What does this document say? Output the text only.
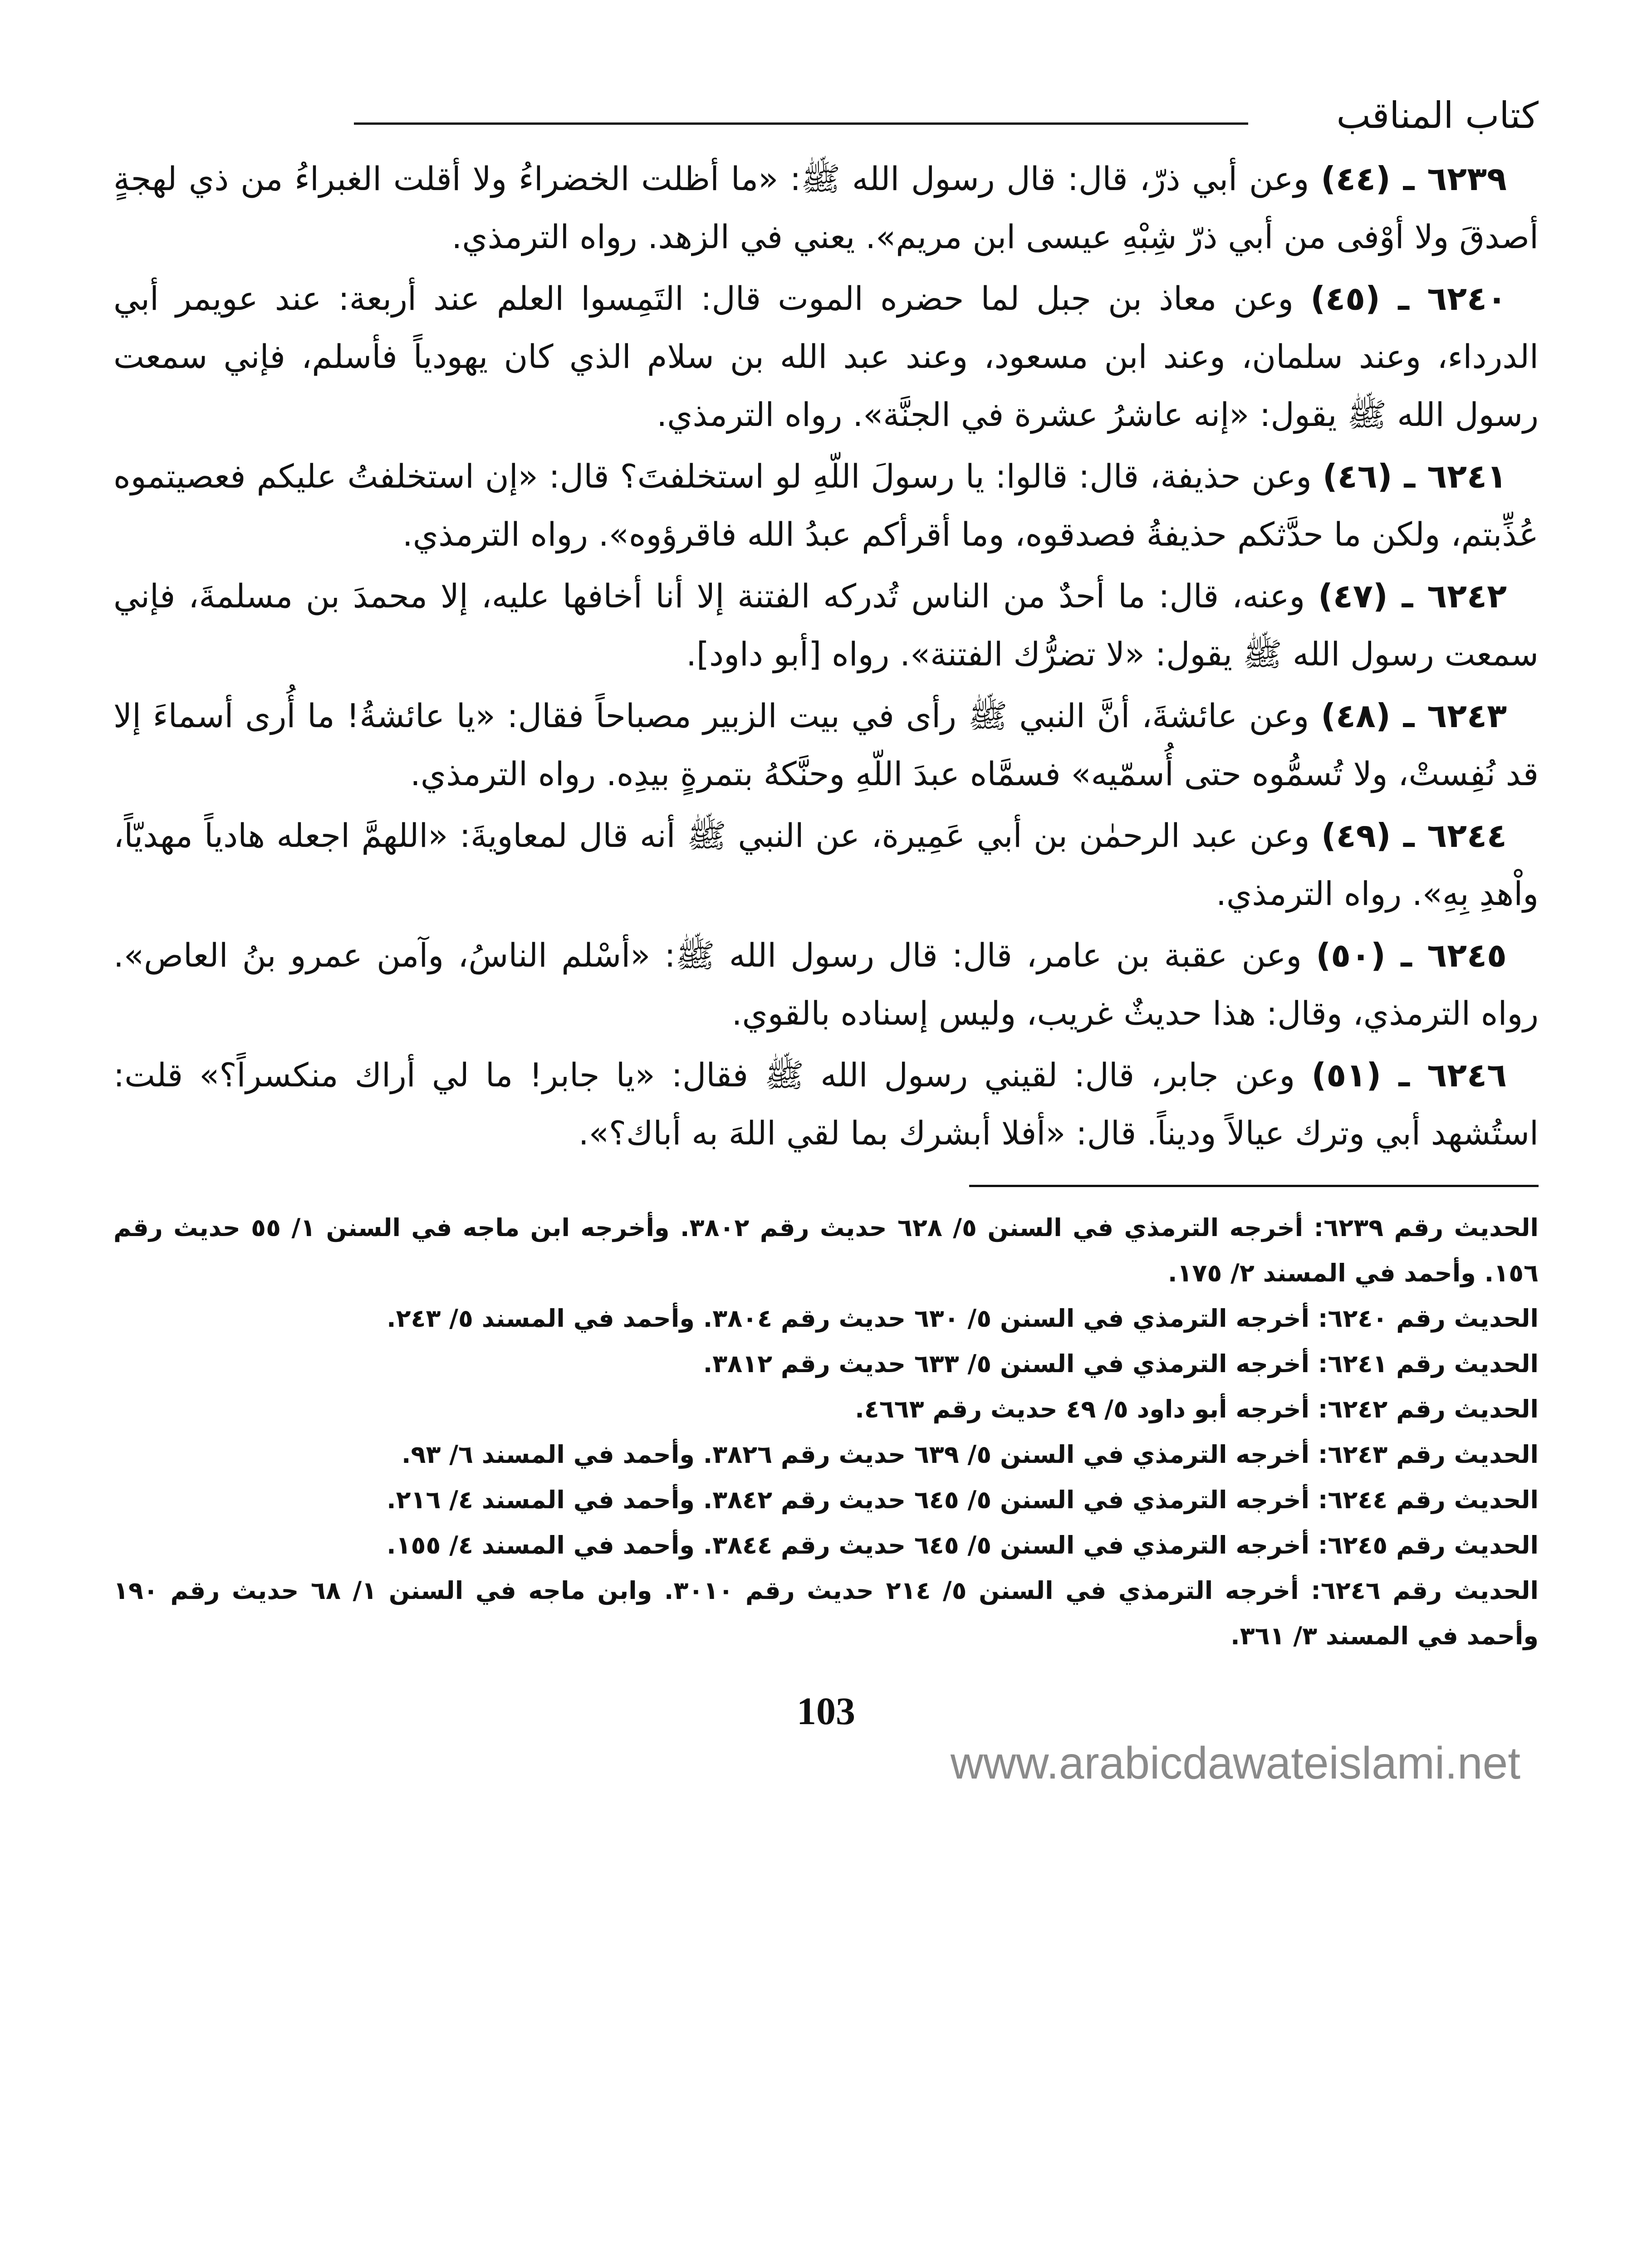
كتاب المناقب

٦٢٣٩ ـ (٤٤) وعن أبي ذرّ، قال: قال رسول الله ﷺ: «ما أظلت الخضراءُ ولا أقلت الغبراءُ من ذي لهجةٍ أصدقَ ولا أوْفى من أبي ذرّ شِبْهِ عيسى ابن مريم». يعني في الزهد. رواه الترمذي.

٦٢٤٠ ـ (٤٥) وعن معاذ بن جبل لما حضره الموت قال: التَمِسوا العلم عند أربعة: عند عويمر أبي الدرداء، وعند سلمان، وعند ابن مسعود، وعند عبد الله بن سلام الذي كان يهودياً فأسلم، فإني سمعت رسول الله ﷺ يقول: «إنه عاشرُ عشرة في الجنَّة». رواه الترمذي.

٦٢٤١ ـ (٤٦) وعن حذيفة، قال: قالوا: يا رسولَ اللّهِ لو استخلفتَ؟ قال: «إن استخلفتُ عليكم فعصيتموه عُذِّبتم، ولكن ما حدَّثكم حذيفةُ فصدقوه، وما أقرأكم عبدُ الله فاقرؤوه». رواه الترمذي.

٦٢٤٢ ـ (٤٧) وعنه، قال: ما أحدٌ من الناس تُدركه الفتنة إلا أنا أخافها عليه، إلا محمدَ بن مسلمةَ، فإني سمعت رسول الله ﷺ يقول: «لا تضرُّك الفتنة». رواه [أبو داود].

٦٢٤٣ ـ (٤٨) وعن عائشةَ، أنَّ النبي ﷺ رأى في بيت الزبير مصباحاً فقال: «يا عائشةُ! ما أُرى أسماءَ إلا قد نُفِستْ، ولا تُسمُّوه حتى أُسمّيه» فسمَّاه عبدَ اللّهِ وحنَّكهُ بتمرةٍ بيدِه. رواه الترمذي.

٦٢٤٤ ـ (٤٩) وعن عبد الرحمٰن بن أبي عَمِيرة، عن النبي ﷺ أنه قال لمعاويةَ: «اللهمَّ اجعله هادياً مهديّاً، واْهدِ بِهِ». رواه الترمذي.

٦٢٤٥ ـ (٥٠) وعن عقبة بن عامر، قال: قال رسول الله ﷺ: «أسْلم الناسُ، وآمن عمرو بنُ العاص». رواه الترمذي، وقال: هذا حديثٌ غريب، وليس إسناده بالقوي.

٦٢٤٦ ـ (٥١) وعن جابر، قال: لقيني رسول الله ﷺ فقال: «يا جابر! ما لي أراك منكسراً؟» قلت: استُشهد أبي وترك عيالاً وديناً. قال: «أفلا أبشرك بما لقي اللهَ به أباك؟».

الحديث رقم ٦٢٣٩: أخرجه الترمذي في السنن ٥/ ٦٢٨ حديث رقم ٣٨٠٢. وأخرجه ابن ماجه في السنن ١/ ٥٥ حديث رقم ١٥٦. وأحمد في المسند ٢/ ١٧٥.

الحديث رقم ٦٢٤٠: أخرجه الترمذي في السنن ٥/ ٦٣٠ حديث رقم ٣٨٠٤. وأحمد في المسند ٥/ ٢٤٣.

الحديث رقم ٦٢٤١: أخرجه الترمذي في السنن ٥/ ٦٣٣ حديث رقم ٣٨١٢.

الحديث رقم ٦٢٤٢: أخرجه أبو داود ٥/ ٤٩ حديث رقم ٤٦٦٣.

الحديث رقم ٦٢٤٣: أخرجه الترمذي في السنن ٥/ ٦٣٩ حديث رقم ٣٨٢٦. وأحمد في المسند ٦/ ٩٣.

الحديث رقم ٦٢٤٤: أخرجه الترمذي في السنن ٥/ ٦٤٥ حديث رقم ٣٨٤٢. وأحمد في المسند ٤/ ٢١٦.

الحديث رقم ٦٢٤٥: أخرجه الترمذي في السنن ٥/ ٦٤٥ حديث رقم ٣٨٤٤. وأحمد في المسند ٤/ ١٥٥.

الحديث رقم ٦٢٤٦: أخرجه الترمذي في السنن ٥/ ٢١٤ حديث رقم ٣٠١٠. وابن ماجه في السنن ١/ ٦٨ حديث رقم ١٩٠ وأحمد في المسند ٣/ ٣٦١.

103
www.arabicdawateislami.net
